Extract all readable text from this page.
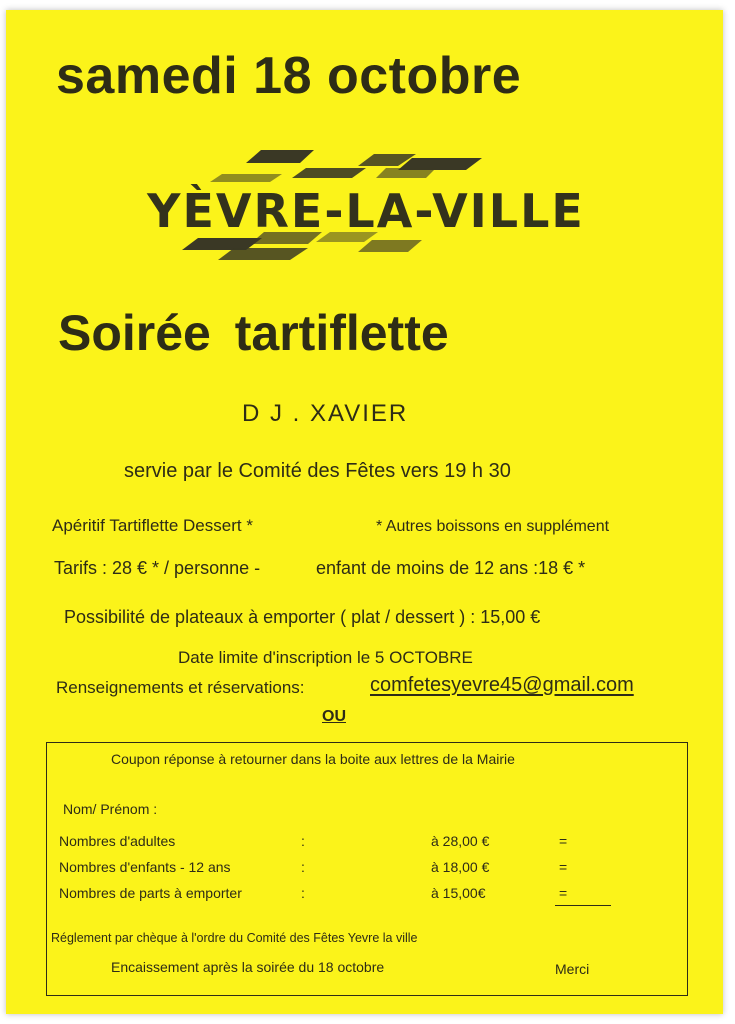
samedi 18 octobre
YÈVRE-LA-VILLE
Soirée tartiflette
D J . XAVIER
servie par le Comité des Fêtes vers 19 h 30
Apéritif Tartiflette Dessert *	* Autres boissons en supplément
Tarifs : 28 € * / personne -	enfant de moins de 12 ans :18 € *
Possibilité de plateaux à emporter ( plat / dessert ) : 15,00 €
Date limite d'inscription le 5 OCTOBRE
Renseignements et réservations:	comfetesyevre45@gmail.com
OU
Coupon réponse à retourner dans la boite aux lettres de la Mairie
Nom/ Prénom :
Nombres d'adultes	:	à 28,00 €	=
Nombres d'enfants - 12 ans	:	à 18,00 €	=
Nombres de parts à emporter	:	à 15,00€	=
Réglement par chèque à l'ordre du Comité des Fêtes Yevre la ville
Encaissement après la soirée du 18 octobre	Merci
